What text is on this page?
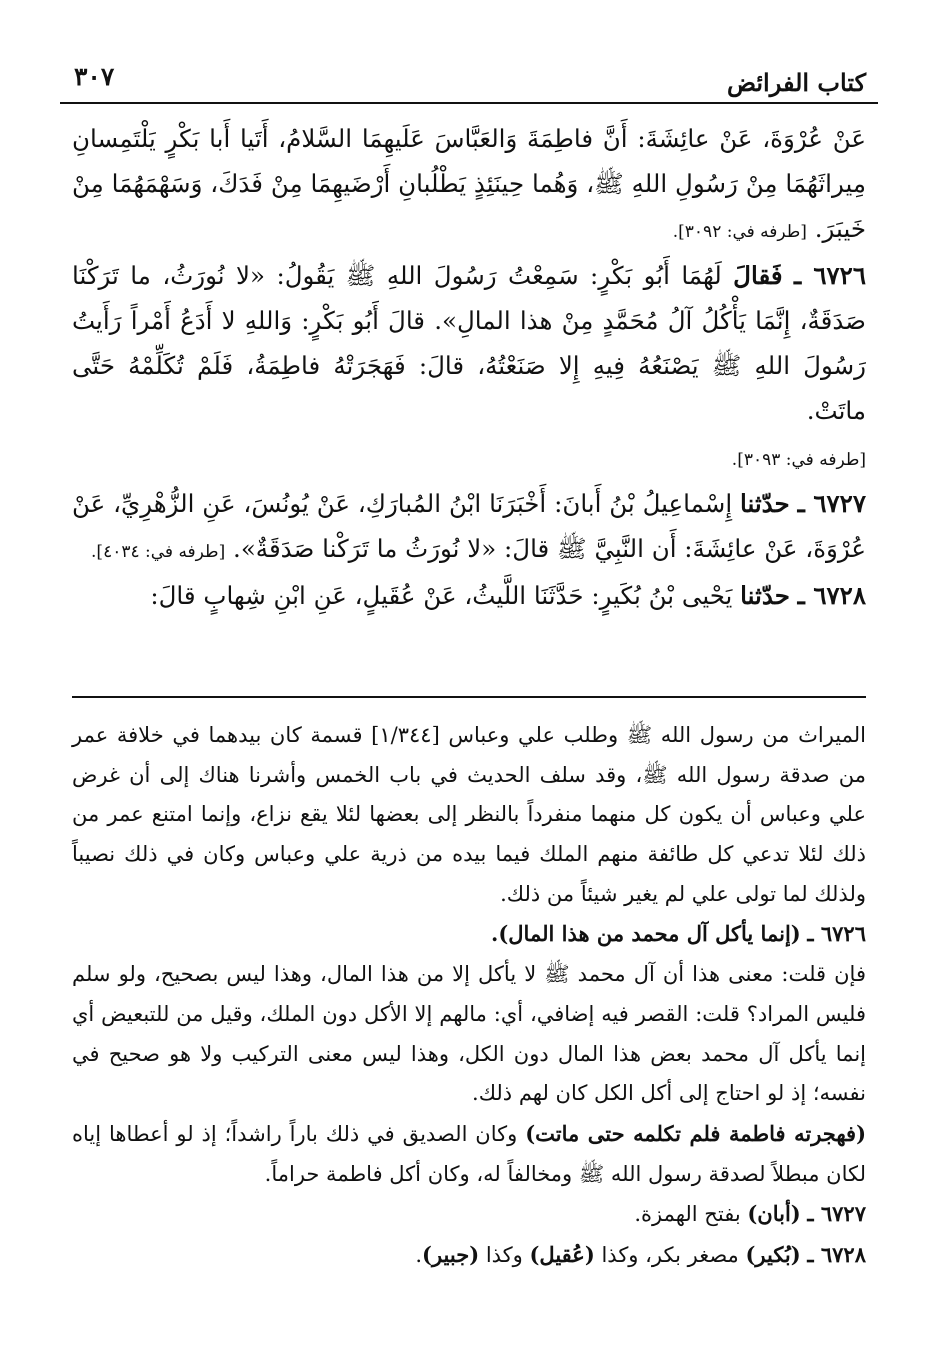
٣٠٧	كتاب الفرائض

عَنْ عُرْوَةَ، عَنْ عائِشَةَ: أَنَّ فاطِمَةَ وَالعَبَّاسَ عَلَيهِمَا السَّلامُ، أَتَيا أَبا بَكْرٍ يَلْتَمِسانِ مِيراثَهُمَا مِنْ رَسُولِ اللهِ ﷺ، وَهُما حِينَئِذٍ يَطْلُبانِ أَرْضَيهِمَا مِنْ فَدَكَ، وَسَهْمَهُمَا مِنْ خَيبَرَ. [طرفه في: ٣٠٩٢].

٦٧٢٦ ـ فَقالَ لَهُمَا أَبُو بَكْرٍ: سَمِعْتُ رَسُولَ اللهِ ﷺ يَقُولُ: «لا نُورَثُ، ما تَرَكْنَا صَدَقَةٌ، إِنَّمَا يَأْكُلُ آلُ مُحَمَّدٍ مِنْ هذا المالِ». قالَ أَبُو بَكْرٍ: وَاللهِ لا أَدَعُ أَمْراً رَأَيتُ رَسُولَ اللهِ ﷺ يَصْنَعُهُ فِيهِ إِلا صَنَعْتُهُ، قالَ: فَهَجَرَتْهُ فاطِمَةُ، فَلَمْ تُكَلِّمْهُ حَتَّى ماتَتْ.

[طرفه في: ٣٠٩٣].

٦٧٢٧ ـ حدّثنا إِسْماعِيلُ بْنُ أَبانَ: أَخْبَرَنَا ابْنُ المُبارَكِ، عَنْ يُونُسَ، عَنِ الزُّهْرِيِّ، عَنْ عُرْوَةَ، عَنْ عائِشَةَ: أَن النَّبِيَّ ﷺ قالَ: «لا نُورَثُ ما تَرَكْنا صَدَقَةٌ». [طرفه في: ٤٠٣٤].

٦٧٢٨ ـ حدّثنا يَحْيى بْنُ بُكَيرٍ: حَدَّثَنَا اللَّيثُ، عَنْ عُقَيلٍ، عَنِ ابْنِ شِهابٍ قالَ:

الميراث من رسول الله ﷺ وطلب علي وعباس [١/٣٤٤] قسمة كان بيدهما في خلافة عمر من صدقة رسول الله ﷺ، وقد سلف الحديث في باب الخمس وأشرنا هناك إلى أن غرض علي وعباس أن يكون كل منهما منفرداً بالنظر إلى بعضها لئلا يقع نزاع، وإنما امتنع عمر من ذلك لئلا تدعي كل طائفة منهم الملك فيما بيده من ذرية علي وعباس وكان في ذلك نصيباً ولذلك لما تولى علي لم يغير شيئاً من ذلك.

٦٧٢٦ ـ (إنما يأكل آل محمد من هذا المال).

فإن قلت: معنى هذا أن آل محمد ﷺ لا يأكل إلا من هذا المال، وهذا ليس بصحيح، ولو سلم فليس المراد؟ قلت: القصر فيه إضافي، أي: مالهم إلا الأكل دون الملك، وقيل من للتبعيض أي إنما يأكل آل محمد بعض هذا المال دون الكل، وهذا ليس معنى التركيب ولا هو صحيح في نفسه؛ إذ لو احتاج إلى أكل الكل كان لهم ذلك.

(فهجرته فاطمة فلم تكلمه حتى ماتت) وكان الصديق في ذلك باراً راشداً؛ إذ لو أعطاها إياه لكان مبطلاً لصدقة رسول الله ﷺ ومخالفاً له، وكان أكل فاطمة حراماً.

٦٧٢٧ ـ (أبان) بفتح الهمزة.

٦٧٢٨ ـ (بُكير) مصغر بكر، وكذا (عُقيل) وكذا (جبير).
